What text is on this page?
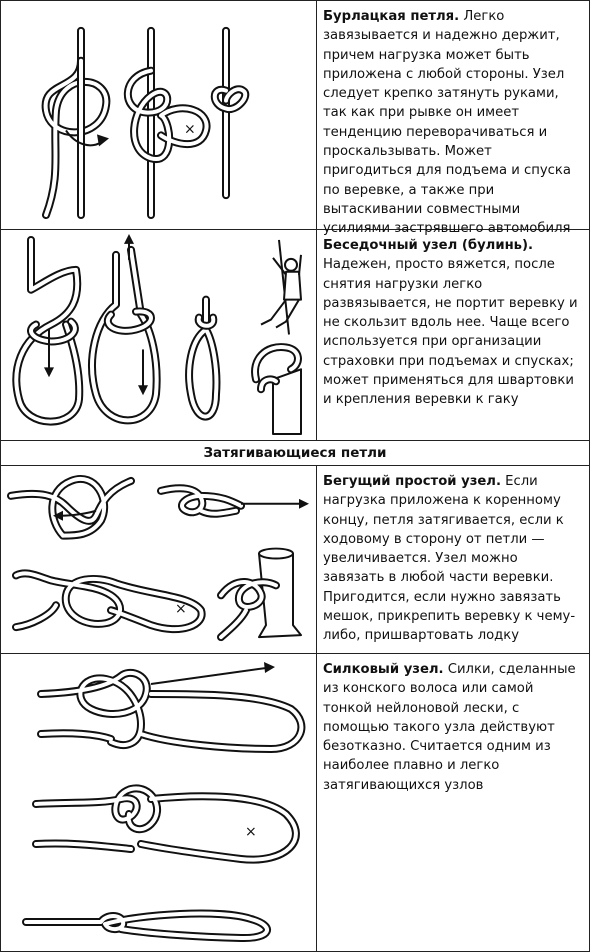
×
Бурлацкая петля. Легко завязывается и надежно держит, причем нагрузка может быть приложена с любой стороны. Узел следует крепко затянуть руками, так как при рывке он имеет тенденцию переворачиваться и проскальзывать. Может пригодиться для подъема и спуска по веревке, а также при вытаскивании совместными усилиями застрявшего автомобиля
Беседочный узел (булинь). Надежен, просто вяжется, после снятия нагрузки легко развязывается, не портит веревку и не скользит вдоль нее. Чаще всего используется при организации страховки при подъемах и спусках; может применяться для швартовки и крепления веревки к гаку
Затягивающиеся петли
×
Бегущий простой узел. Если нагрузка приложена к коренному концу, петля затягивается, если к ходовому в сторону от петли — увеличивается. Узел можно завязать в любой части веревки. Пригодится, если нужно завязать мешок, прикрепить веревку к чему-либо, пришвартовать лодку
×
Силковый узел. Силки, сделанные из конского волоса или самой тонкой нейлоновой лески, с помощью такого узла действуют безотказно. Считается одним из наиболее плавно и легко затягивающихся узлов
